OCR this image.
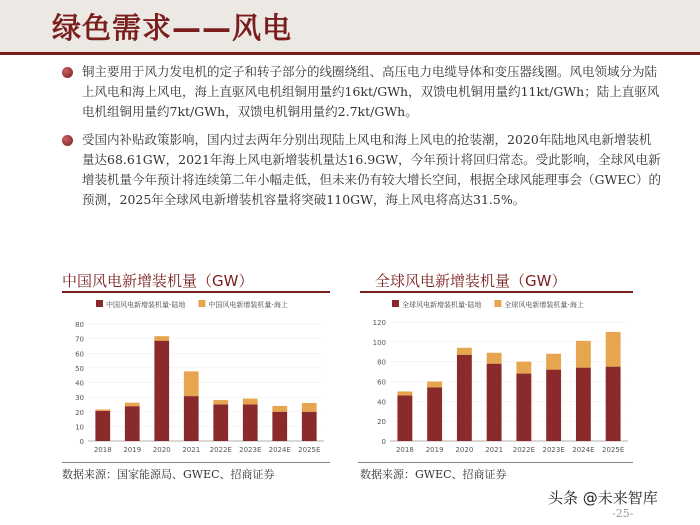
绿色需求——风电
铜主要用于风力发电机的定子和转子部分的线圈绕组、高压电力电缆导体和变压器线圈。风电领域分为陆上风电和海上风电，海上直驱风电机组铜用量约16kt/GWh，双馈电机铜用量约11kt/GWh；陆上直驱风电机组铜用量约7kt/GWh，双馈电机铜用量约2.7kt/GWh。
受国内补贴政策影响，国内过去两年分别出现陆上风电和海上风电的抢装潮，2020年陆地风电新增装机量达68.61GW，2021年海上风电新增装机量达16.9GW，今年预计将回归常态。受此影响，全球风电新增装机量今年预计将连续第二年小幅走低，但未来仍有较大增长空间，根据全球风能理事会（GWEC）的预测，2025年全球风电新增装机容量将突破110GW，海上风电将高达31.5%。
中国风电新增装机量（GW）
中国风电新增装机量-陆地	中国风电新增装机量-海上
0
10
20
30
40
50
60
70
80
2018 2019 2020 2021 2022E 2023E 2024E 2025E
数据来源：国家能源局、GWEC、招商证券
全球风电新增装机量（GW）
全球风电新增装机量-陆地	全球风电新增装机量-海上
0
20
40
60
80
100
120
2018 2019 2020 2021 2022E 2023E 2024E 2025E
数据来源：GWEC、招商证券
头条 @未来智库
-25-
